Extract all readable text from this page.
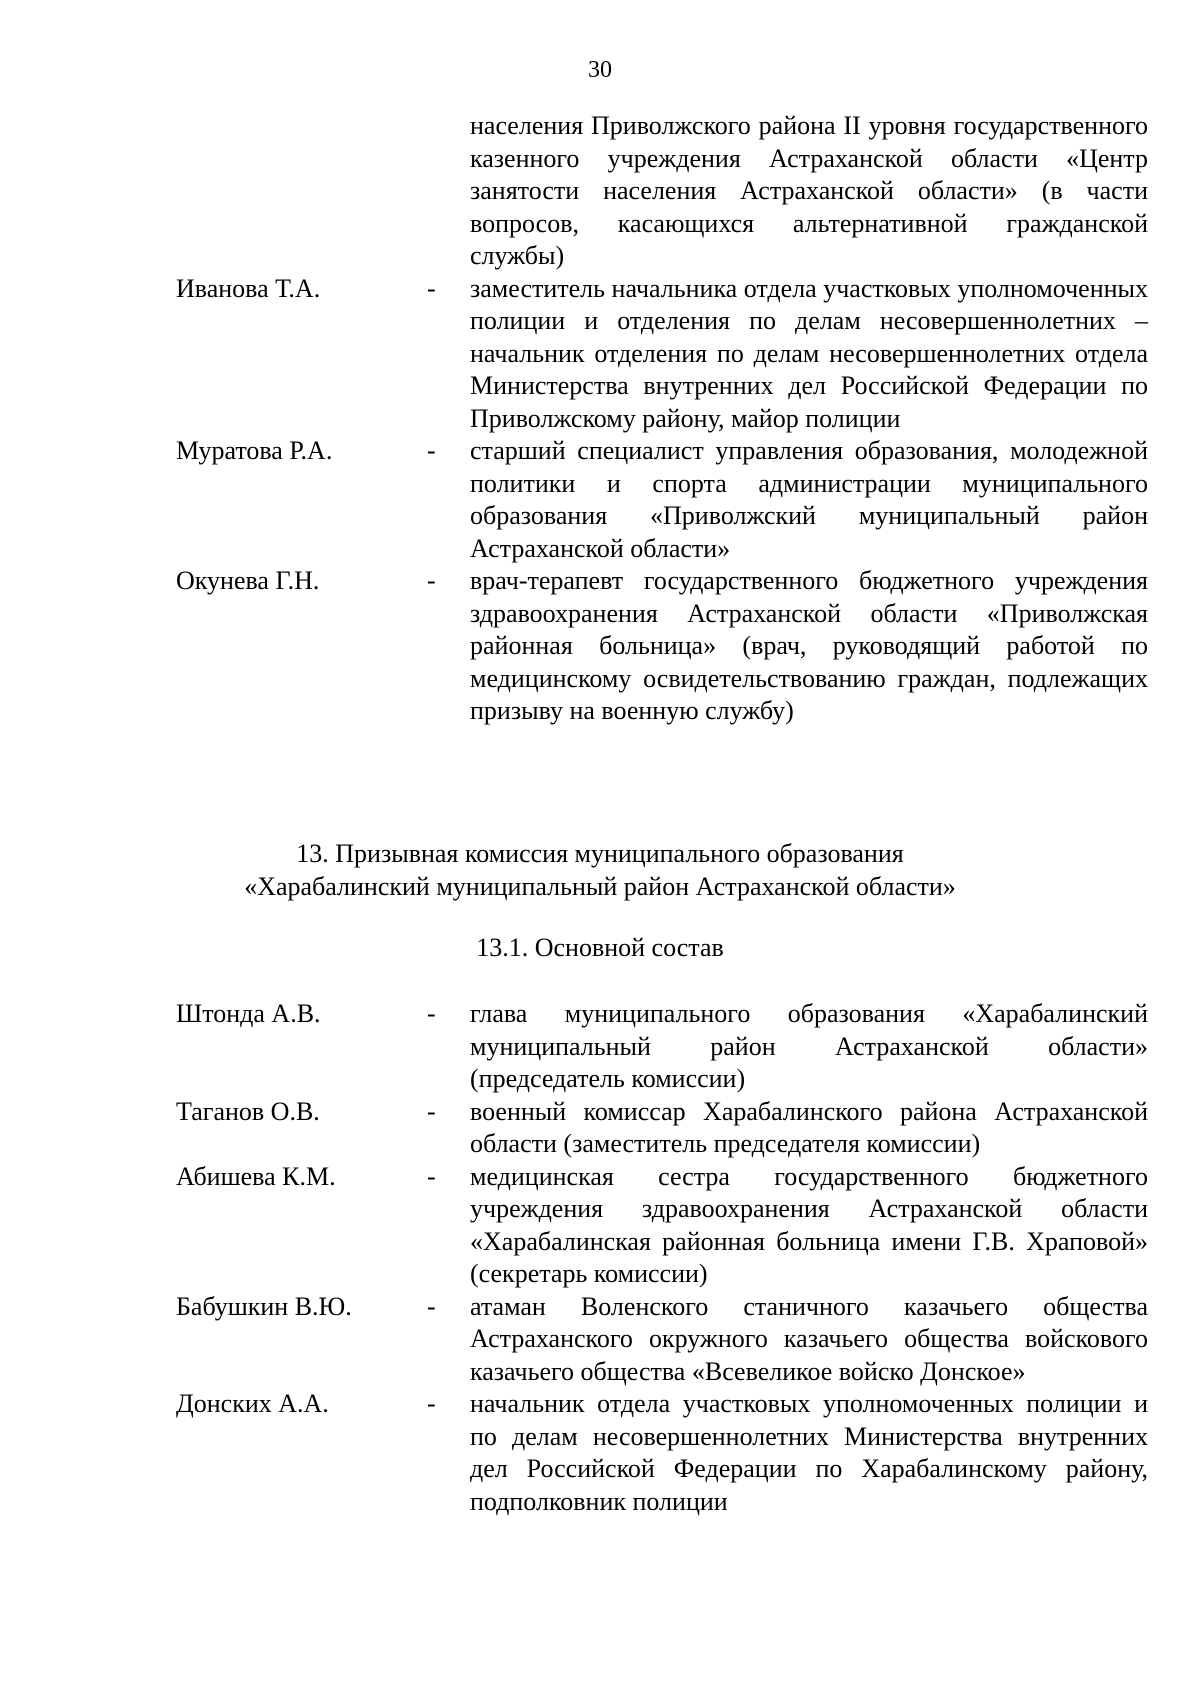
30
населения Приволжского района II уровня государственного казенного учреждения Астраханской области «Центр занятости населения Астраханской области» (в части вопросов, касающихся альтернативной гражданской службы)
Иванова Т.А.	- заместитель начальника отдела участковых уполномоченных полиции и отделения по делам несовершеннолетних – начальник отделения по делам несовершеннолетних отдела Министерства внутренних дел Российской Федерации по Приволжскому району, майор полиции
Муратова Р.А.	- старший специалист управления образования, молодежной политики и спорта администрации муниципального образования «Приволжский муниципальный район Астраханской области»
Окунева Г.Н.	- врач-терапевт государственного бюджетного учреждения здравоохранения Астраханской области «Приволжская районная больница» (врач, руководящий работой по медицинскому освидетельствованию граждан, подлежащих призыву на военную службу)
13. Призывная комиссия муниципального образования
«Харабалинский муниципальный район Астраханской области»
13.1. Основной состав
Штонда А.В.	- глава муниципального образования «Харабалинский муниципальный район Астраханской области» (председатель комиссии)
Таганов О.В.	- военный комиссар Харабалинского района Астраханской области (заместитель председателя комиссии)
Абишева К.М.	- медицинская сестра государственного бюджетного учреждения здравоохранения Астраханской области «Харабалинская районная больница имени Г.В. Храповой» (секретарь комиссии)
Бабушкин В.Ю.	- атаман Воленского станичного казачьего общества Астраханского окружного казачьего общества войскового казачьего общества «Всевеликое войско Донское»
Донских А.А.	- начальник отдела участковых уполномоченных полиции и по делам несовершеннолетних Министерства внутренних дел Российской Федерации по Харабалинскому району, подполковник полиции
